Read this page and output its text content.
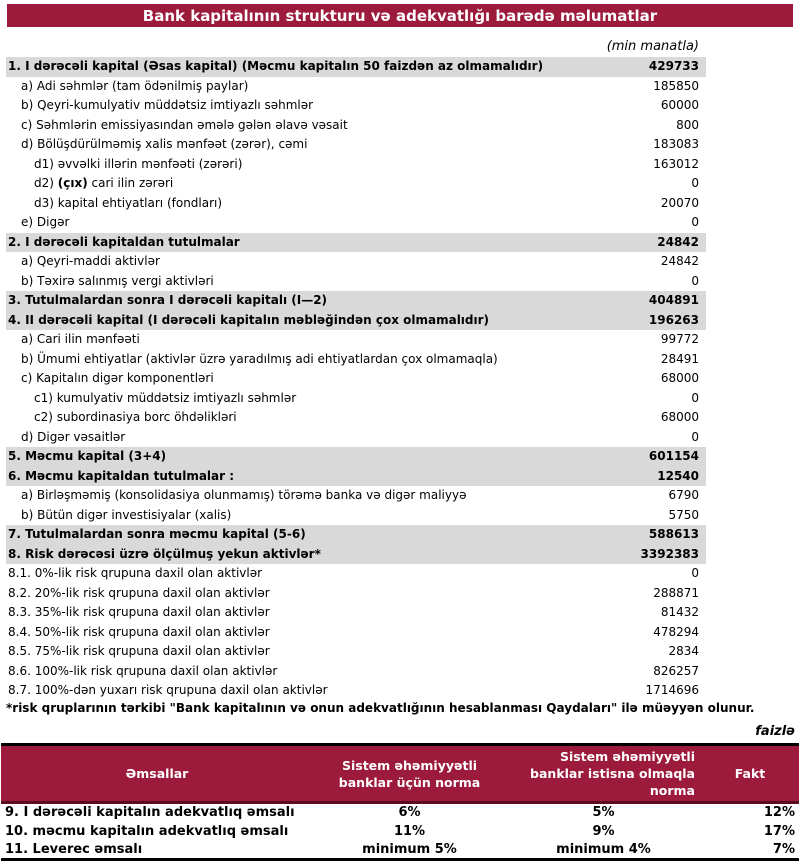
Bank kapitalının strukturu və adekvatlığı barədə məlumatlar
(min manatla)
1. I dərəcəli kapital (Əsas kapital) (Məcmu kapitalın 50 faizdən az olmamalıdır)	429733
a) Adi səhmlər (tam ödənilmiş paylar)	185850
b) Qeyri-kumulyativ müddətsiz imtiyazlı səhmlər	60000
c) Səhmlərin emissiyasından əmələ gələn əlavə vəsait	800
d) Bölüşdürülməmiş xalis mənfəət (zərər), cəmi	183083
d1) əvvəlki illərin mənfəəti (zərəri)	163012
d2) (çıx) cari ilin zərəri	0
d3) kapital ehtiyatları (fondları)	20070
e) Digər	0
2. I dərəcəli kapitaldan tutulmalar	24842
a) Qeyri-maddi aktivlər	24842
b) Təxirə salınmış vergi aktivləri	0
3. Tutulmalardan sonra I dərəcəli kapitalı (I—2)	404891
4. II dərəcəli kapital (I dərəcəli kapitalın məbləğindən çox olmamalıdır)	196263
a) Cari ilin mənfəəti	99772
b) Ümumi ehtiyatlar (aktivlər üzrə yaradılmış adi ehtiyatlardan çox olmamaqla)	28491
c) Kapitalın digər komponentləri	68000
c1) kumulyativ müddətsiz imtiyazlı səhmlər	0
c2) subordinasiya borc öhdəlikləri	68000
d) Digər vəsaitlər	0
5. Məcmu kapital (3+4)	601154
6. Məcmu kapitaldan tutulmalar :	12540
a) Birləşməmiş (konsolidasiya olunmamış) törəmə banka və digər maliyyə	6790
b) Bütün digər investisiyalar (xalis)	5750
7. Tutulmalardan sonra məcmu kapital (5-6)	588613
8. Risk dərəcəsi üzrə ölçülmuş yekun aktivlər*	3392383
8.1. 0%-lik risk qrupuna daxil olan aktivlər	0
8.2. 20%-lik risk qrupuna daxil olan aktivlər	288871
8.3. 35%-lik risk qrupuna daxil olan aktivlər	81432
8.4. 50%-lik risk qrupuna daxil olan aktivlər	478294
8.5. 75%-lik risk qrupuna daxil olan aktivlər	2834
8.6. 100%-lik risk qrupuna daxil olan aktivlər	826257
8.7. 100%-dən yuxarı risk qrupuna daxil olan aktivlər	1714696
*risk qruplarının tərkibi "Bank kapitalının və onun adekvatlığının hesablanması Qaydaları" ilə müəyyən olunur.
faizlə
Əmsallar	Sistem əhəmiyyətli banklar üçün norma	Sistem əhəmiyyətli banklar istisna olmaqla norma	Fakt
9. I dərəcəli kapitalın adekvatlıq əmsalı	6%	5%	12%
10. məcmu kapitalın adekvatlıq əmsalı	11%	9%	17%
11. Leverec əmsalı	minimum 5%	minimum 4%	7%
